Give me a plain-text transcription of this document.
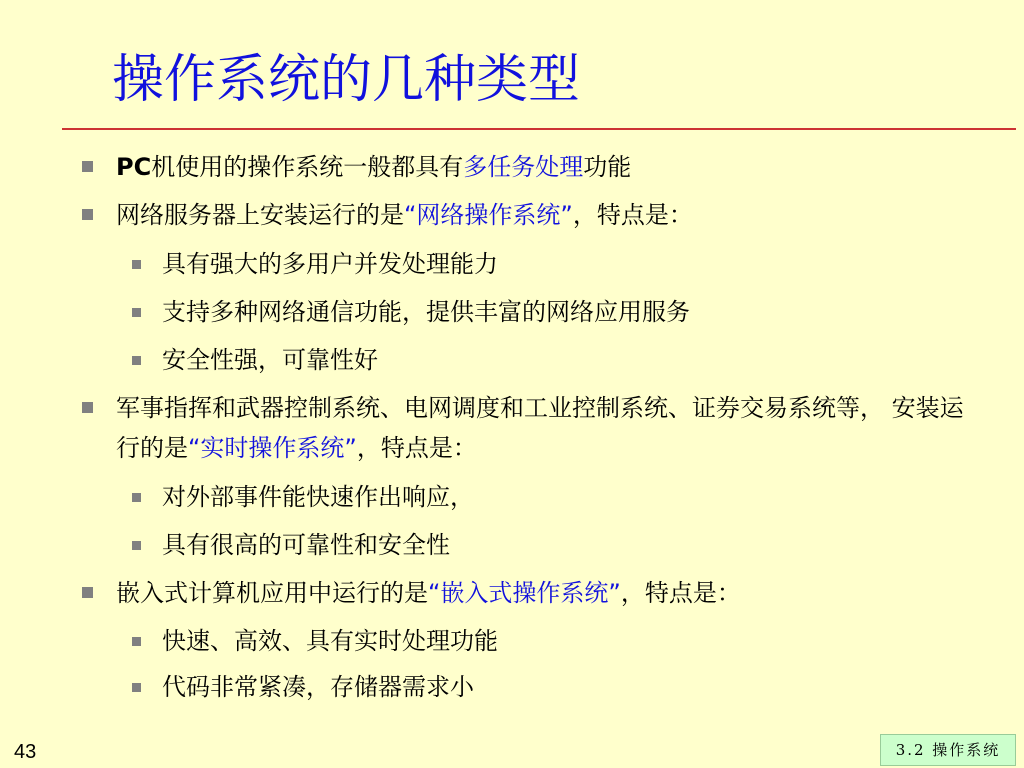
操作系统的几种类型
PC机使用的操作系统一般都具有多任务处理功能
网络服务器上安装运行的是“网络操作系统”，特点是：
具有强大的多用户并发处理能力
支持多种网络通信功能，提供丰富的网络应用服务
安全性强，可靠性好
军事指挥和武器控制系统、电网调度和工业控制系统、证券交易系统等， 安装运行的是“实时操作系统”，特点是：
对外部事件能快速作出响应，
具有很高的可靠性和安全性
嵌入式计算机应用中运行的是“嵌入式操作系统”，特点是：
快速、高效、具有实时处理功能
代码非常紧凑，存储器需求小
43	3.2 操作系统
